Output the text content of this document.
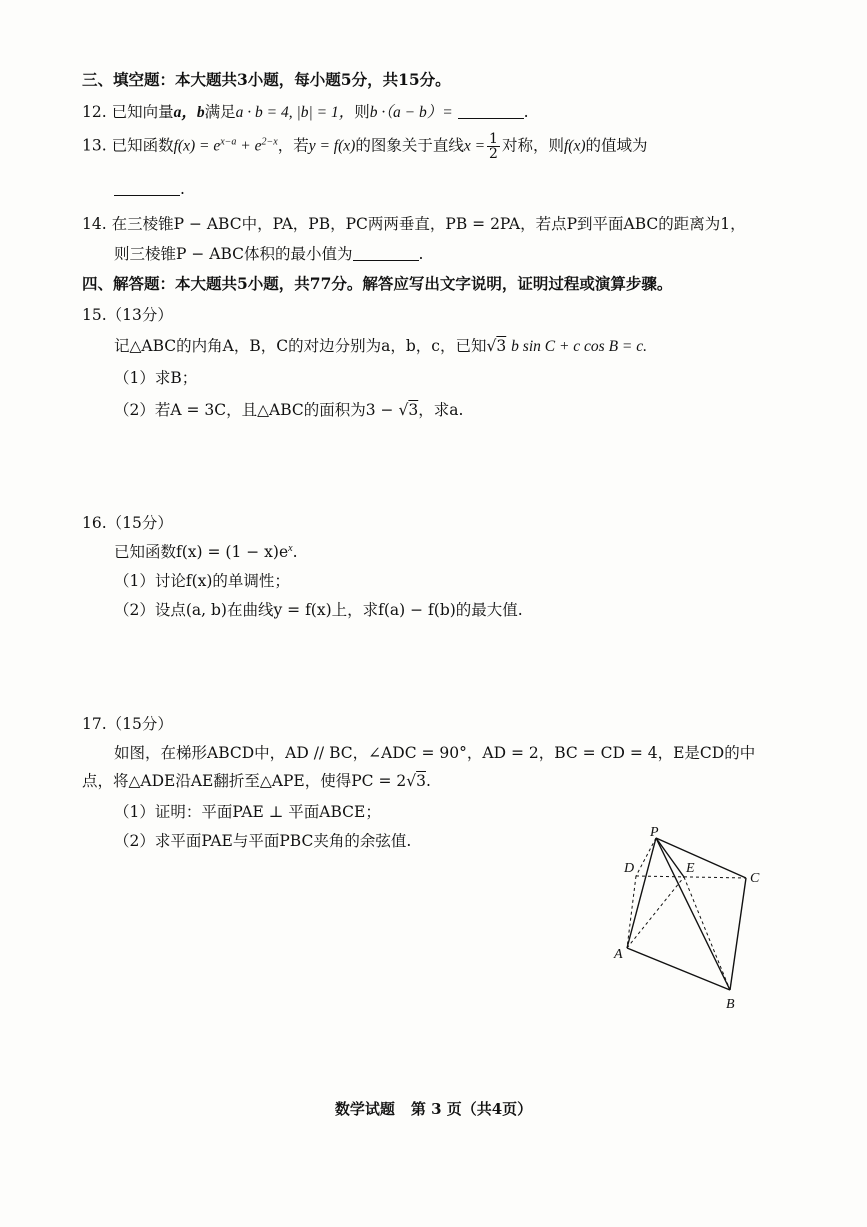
三、填空题：本大题共3小题，每小题5分，共15分。
12. 已知向量a，b满足a · b = 4, |b| = 1，则b ·（a − b）=	.
13. 已知函数$f(x) = e^{x-a} + e^{2-x}$，若y = f(x)的图象关于直线$x = \frac{1}{2}$ 对称，则f(x)的值域为
.
14. 在三棱锥P − ABC中，PA，PB，PC两两垂直，PB = 2PA，若点P到平面ABC的距离为1，
则三棱锥P − ABC体积的最小值为	.
四、解答题：本大题共5小题，共77分。解答应写出文字说明，证明过程或演算步骤。
15.（13分）
记△ABC的内角A，B，C的对边分别为a，b，c，已知√3 b sin C + c cos B = c.
（1）求B；
（2）若A = 3C，且△ABC的面积为3 − √3，求a.
16.（15分）
已知函数$f(x) = (1 - x)e^x$.
（1）讨论f(x)的单调性；
（2）设点(a, b)在曲线y = f(x)上，求f(a) − f(b)的最大值.
17.（15分）
如图，在梯形ABCD中，AD // BC，∠ADC = 90°，AD = 2，BC = CD = 4，E是CD的中
点，将△ADE沿AE翻折至△APE，使得PC = 2√3.
（1）证明：平面PAE ⊥ 平面ABCE；
（2）求平面PAE与平面PBC夹角的余弦值.	P
D	E
C
A
B
数学试题 第 3 页（共4页）
